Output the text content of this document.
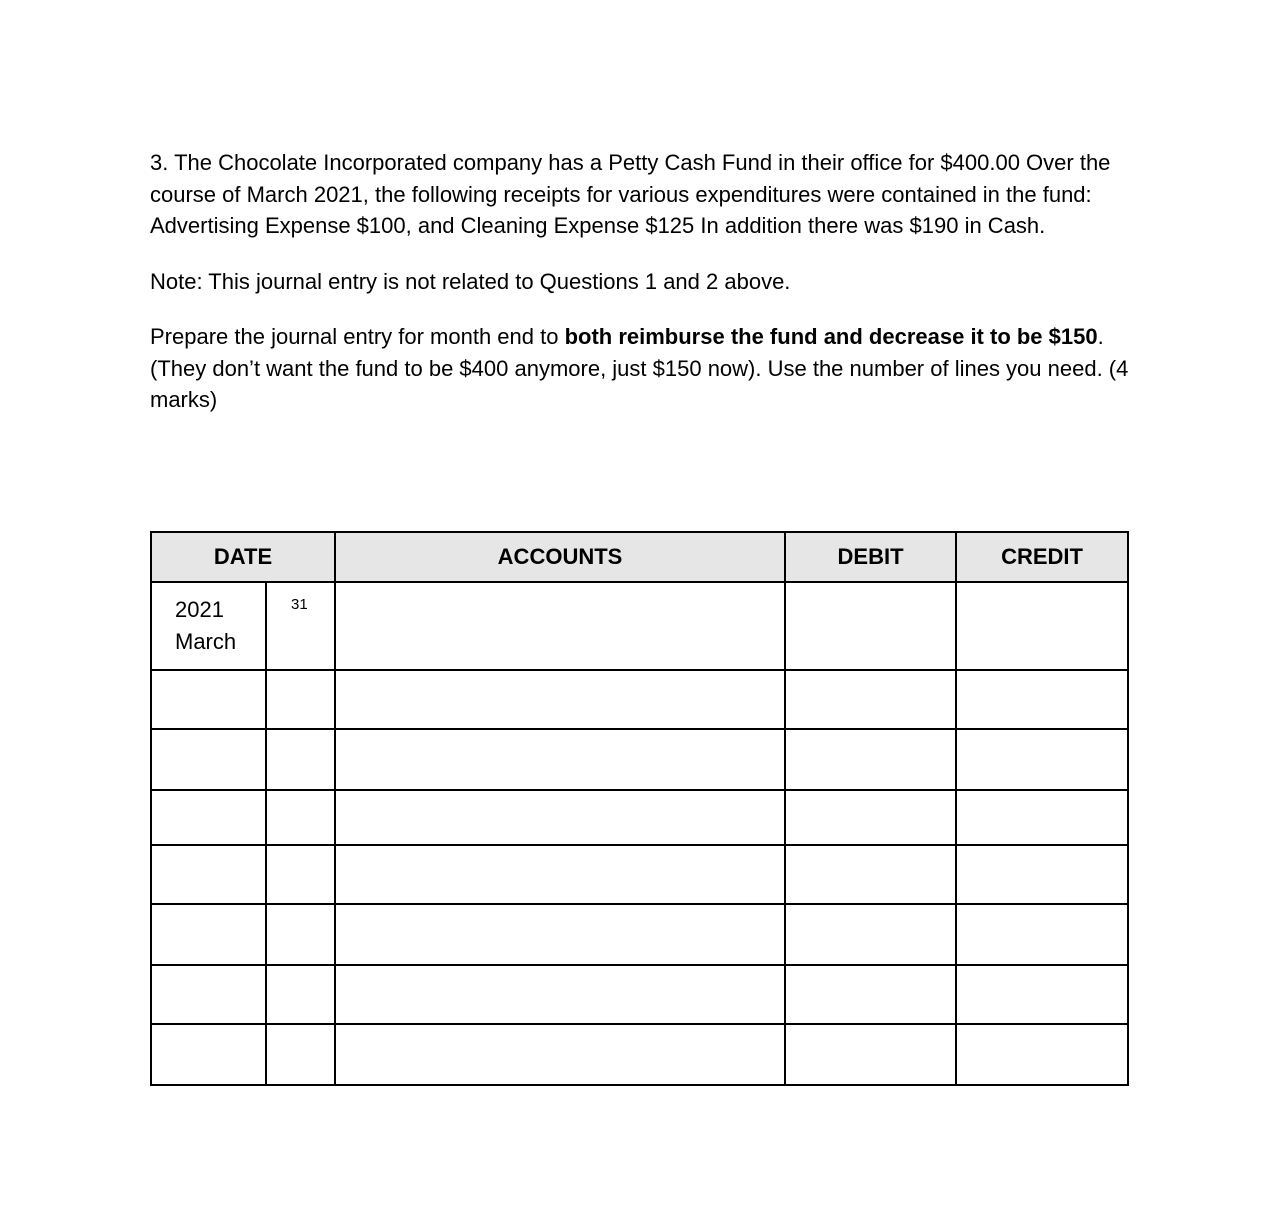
3. The Chocolate Incorporated company has a Petty Cash Fund in their office for $400.00 Over the course of March 2021, the following receipts for various expenditures were contained in the fund: Advertising Expense $100, and Cleaning Expense $125 In addition there was $190 in Cash.

Note: This journal entry is not related to Questions 1 and 2 above.

Prepare the journal entry for month end to both reimburse the fund and decrease it to be $150. (They don’t want the fund to be $400 anymore, just $150 now). Use the number of lines you need. (4 marks)

DATE		ACCOUNTS	DEBIT	CREDIT

2021
March	31			
